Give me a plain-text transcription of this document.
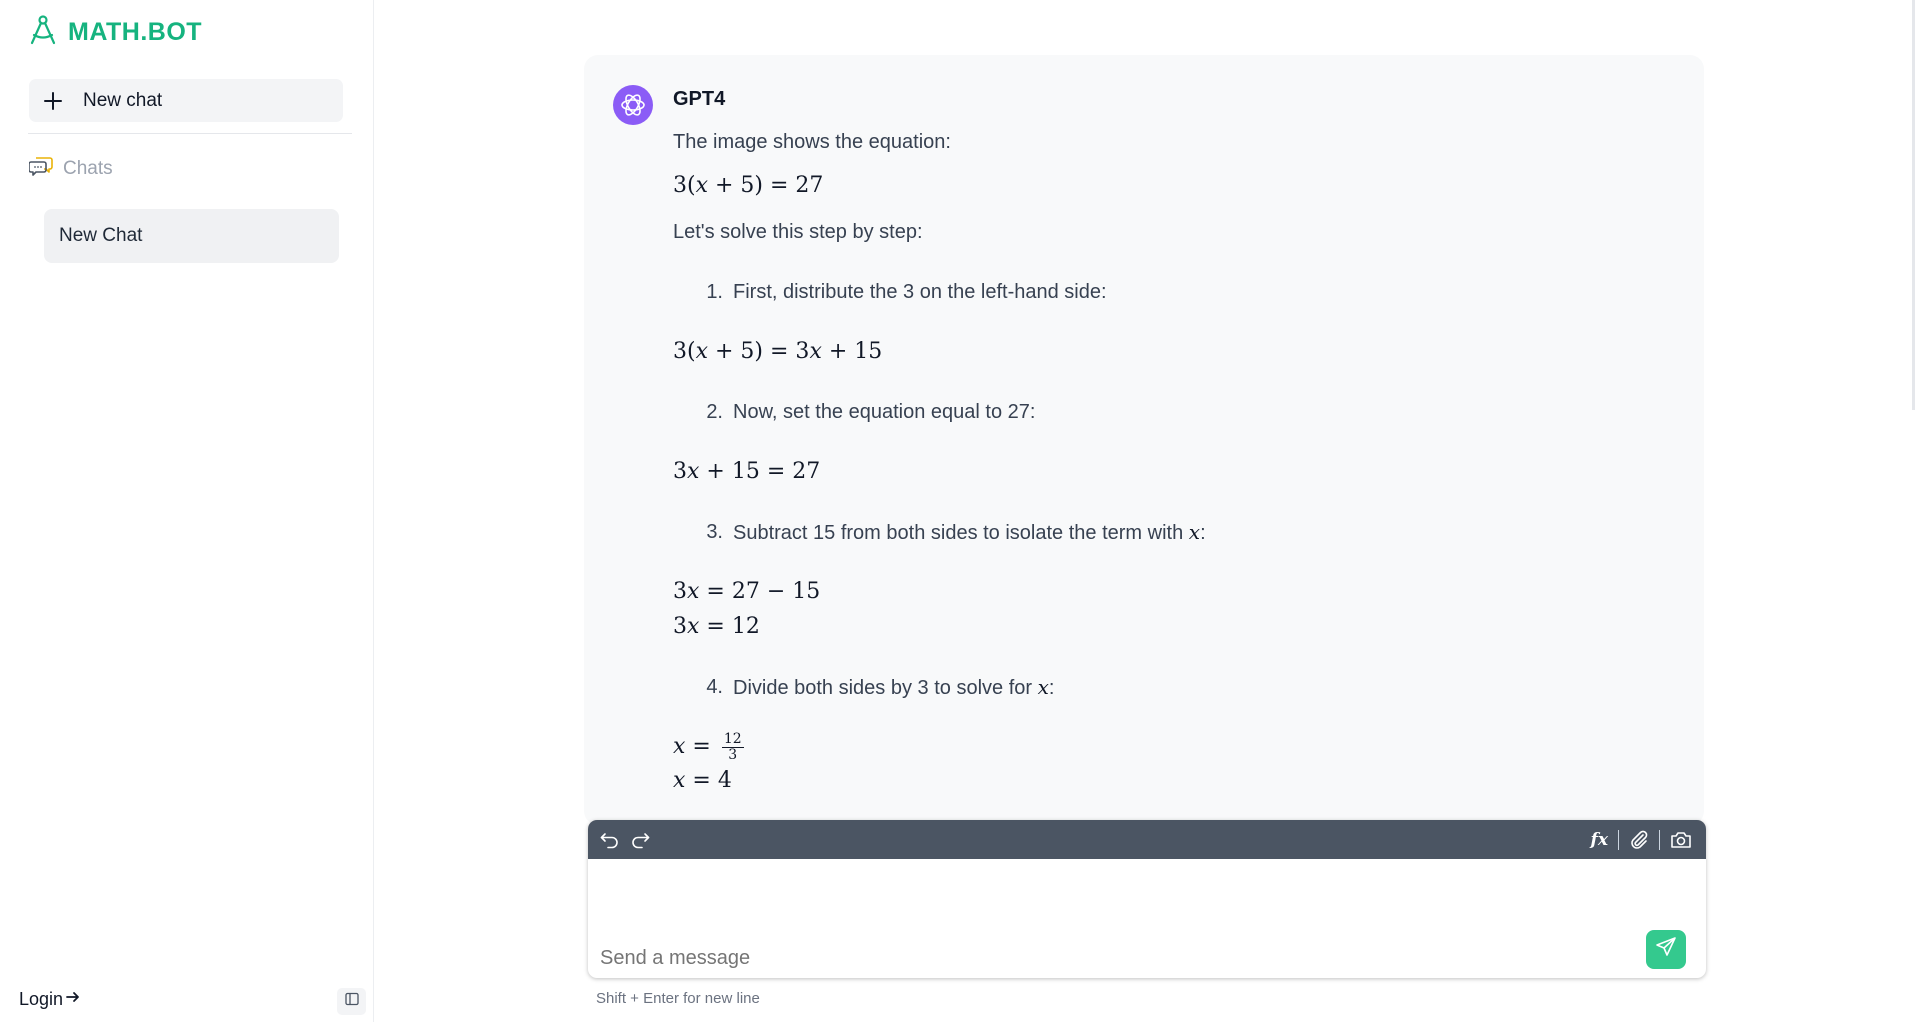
MATH.BOT
New chat
Chats
New Chat
Login
GPT4
The image shows the equation:
3(x + 5) = 27
Let's solve this step by step:
1. First, distribute the 3 on the left-hand side:
3(x + 5) = 3x + 15
2. Now, set the equation equal to 27:
3x + 15 = 27
3. Subtract 15 from both sides to isolate the term with x:
3x = 27 − 15
3x = 12
4. Divide both sides by 3 to solve for x:
$x = \frac{12}{3}$
x = 4
fx
Send a message
Shift + Enter for new line
